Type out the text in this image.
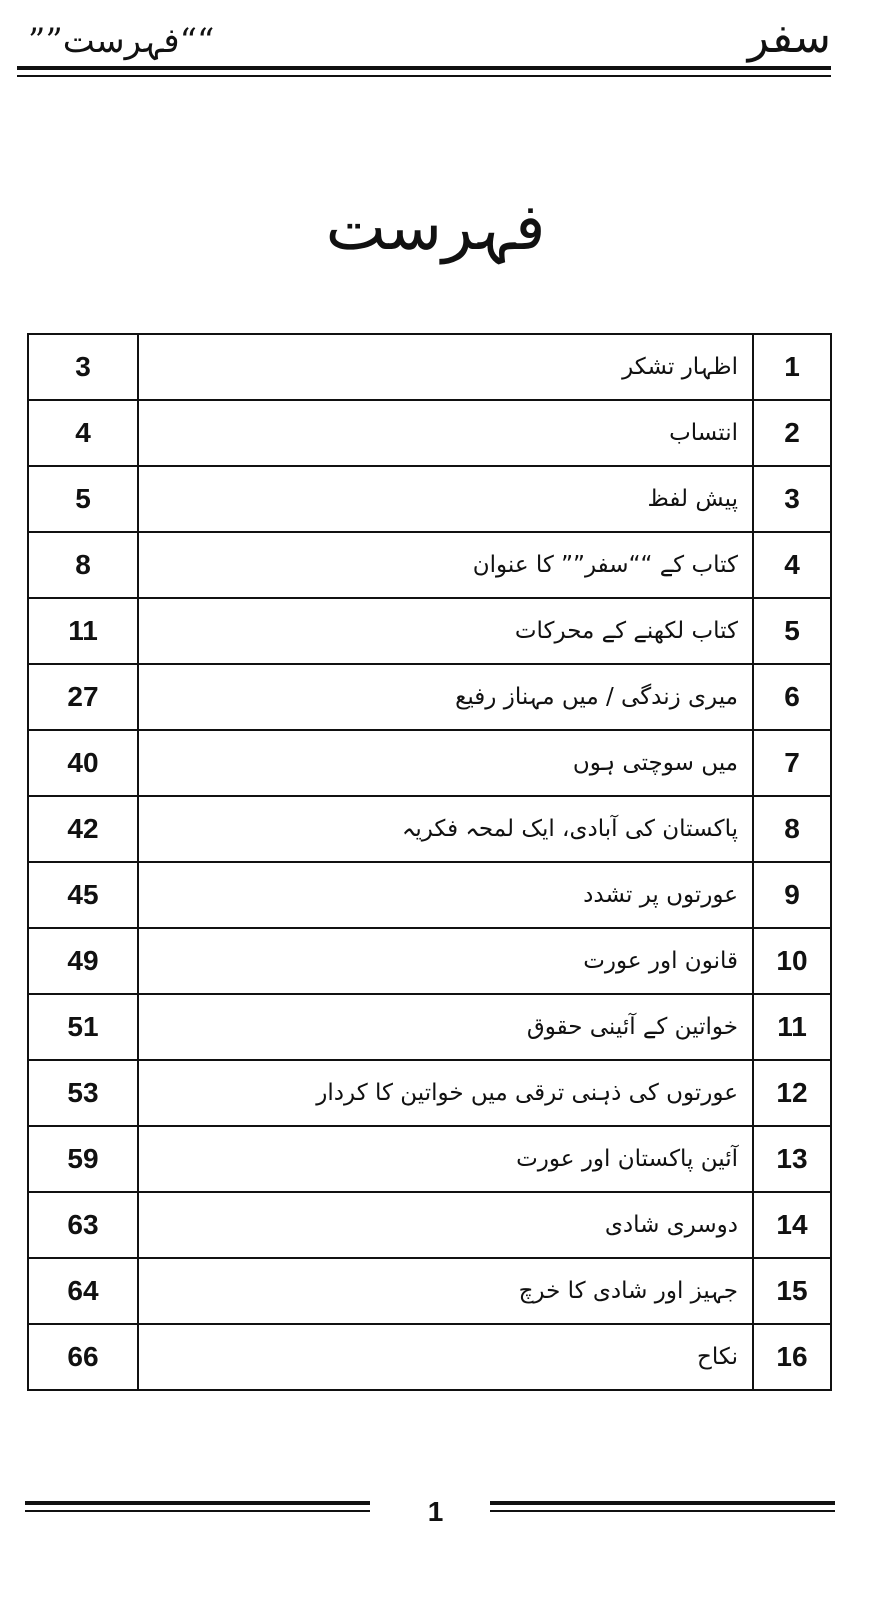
““فہرست””	سفر
فہرست
3	اظہار تشکر	1
4	انتساب	2
5	پیش لفظ	3
8	کتاب کے ““سفر”” کا عنوان	4
11	کتاب لکھنے کے محرکات	5
27	میری زندگی / میں مہناز رفیع	6
40	میں سوچتی ہوں	7
42	پاکستان کی آبادی، ایک لمحہ فکریہ	8
45	عورتوں پر تشدد	9
49	قانون اور عورت	10
51	خواتین کے آئینی حقوق	11
53	عورتوں کی ذہنی ترقی میں خواتین کا کردار	12
59	آئین پاکستان اور عورت	13
63	دوسری شادی	14
64	جہیز اور شادی کا خرچ	15
66	نکاح	16
1
